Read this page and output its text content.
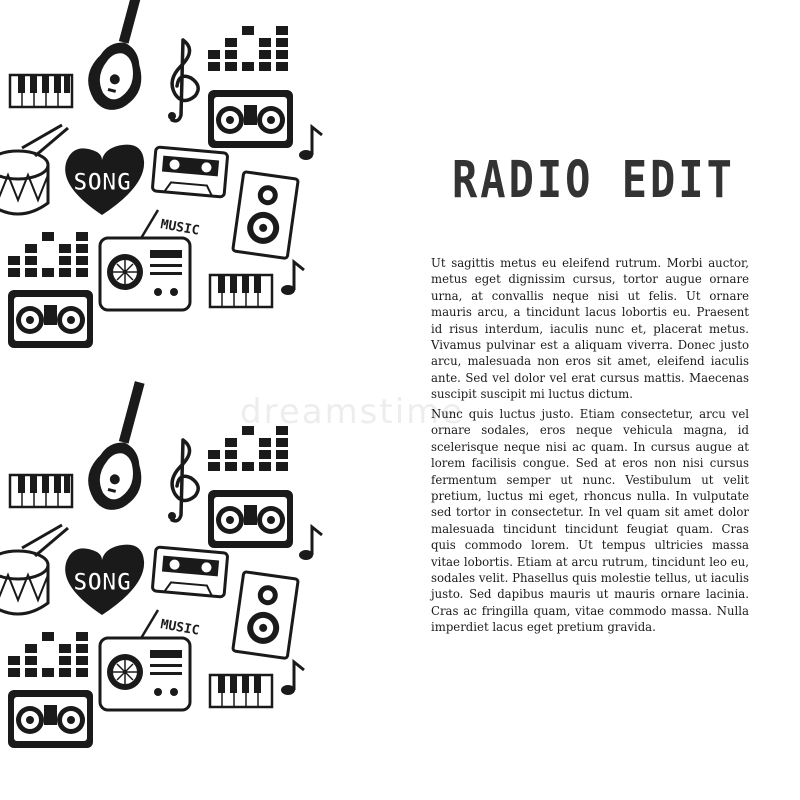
dreamstime
RADIO EDIT

Ut sagittis metus eu eleifend rutrum. Morbi auctor, metus eget dignissim cursus, tortor augue ornare urna, at convallis neque nisi ut felis. Ut ornare mauris arcu, a tincidunt lacus lobortis eu. Praesent id risus interdum, iaculis nunc et, placerat metus. Vivamus pulvinar est a aliquam viverra. Donec justo arcu, malesuada non eros sit amet, eleifend iaculis ante. Sed vel dolor vel erat cursus mattis. Maecenas suscipit suscipit mi luctus dictum.

Nunc quis luctus justo. Etiam consectetur, arcu vel ornare sodales, eros neque vehicula magna, id scelerisque neque nisi ac quam. In cursus augue at lorem facilisis congue. Sed at eros non nisi cursus fermentum semper ut nunc. Vestibulum ut velit pretium, luctus mi eget, rhoncus nulla. In vulputate sed tortor in consectetur. In vel quam sit amet dolor malesuada tincidunt tincidunt feugiat quam. Cras quis commodo lorem. Ut tempus ultricies massa vitae lobortis. Etiam at arcu rutrum, tincidunt leo eu, sodales velit. Phasellus quis molestie tellus, ut iaculis justo. Sed dapibus mauris ut mauris ornare lacinia. Cras ac fringilla quam, vitae commodo massa. Nulla imperdiet lacus eget pretium gravida.
